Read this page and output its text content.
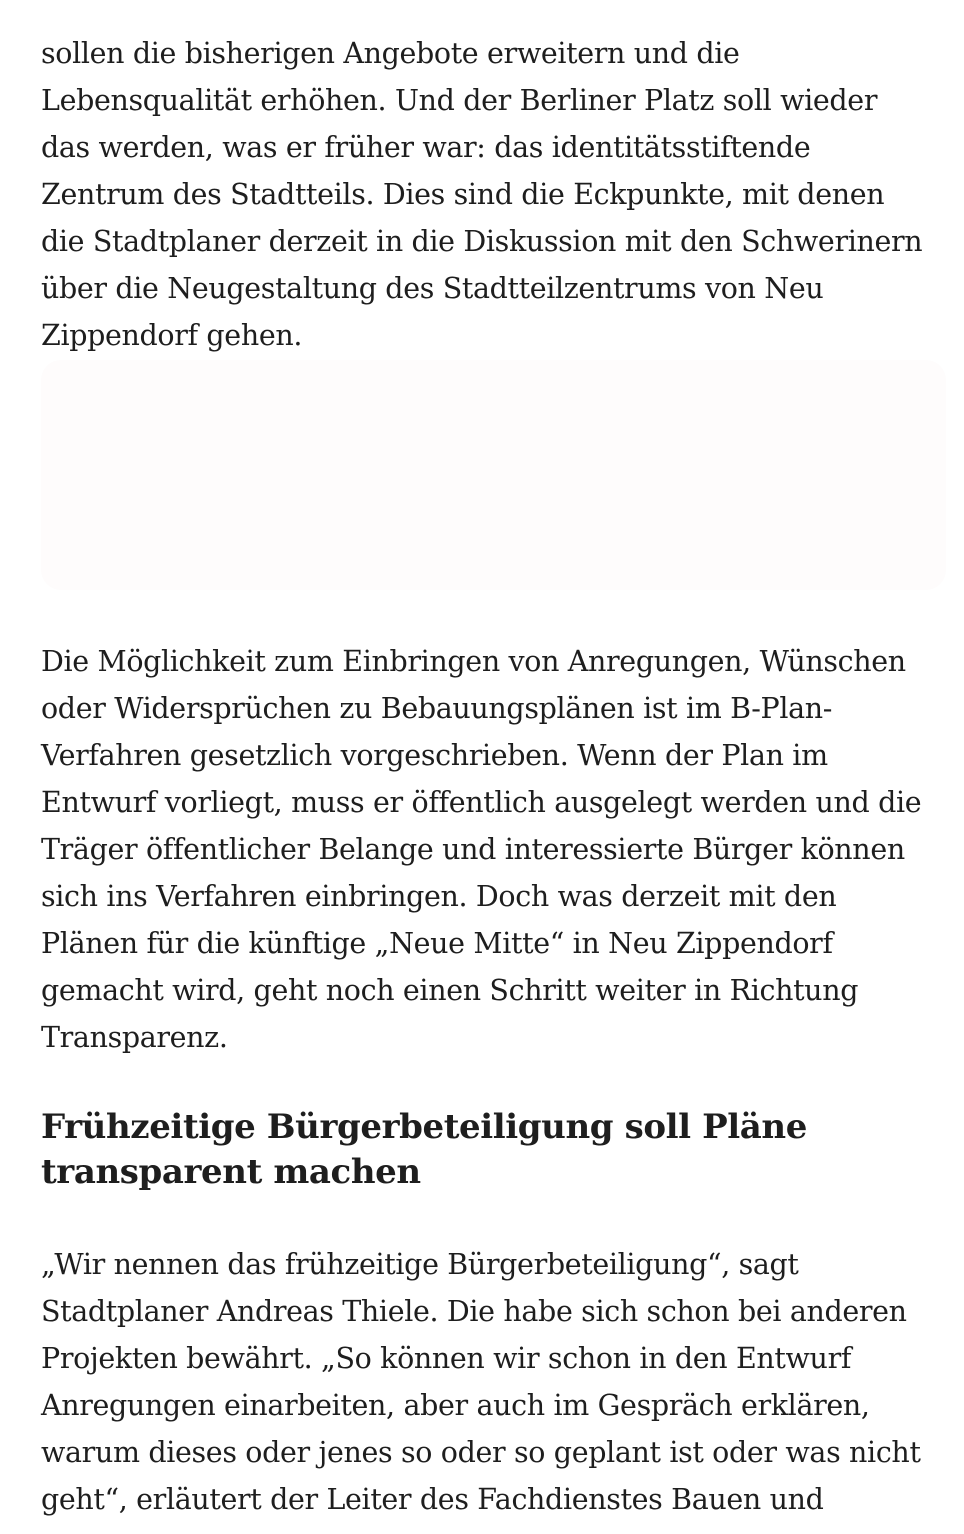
sollen die bisherigen Angebote erweitern und die Lebensqualität erhöhen. Und der Berliner Platz soll wieder das werden, was er früher war: das identitätsstiftende Zentrum des Stadtteils. Dies sind die Eckpunkte, mit denen die Stadtplaner derzeit in die Diskussion mit den Schwerinern über die Neugestaltung des Stadtteilzentrums von Neu Zippendorf gehen.

Die Möglichkeit zum Einbringen von Anregungen, Wünschen oder Widersprüchen zu Bebauungsplänen ist im B-Plan-Verfahren gesetzlich vorgeschrieben. Wenn der Plan im Entwurf vorliegt, muss er öffentlich ausgelegt werden und die Träger öffentlicher Belange und interessierte Bürger können sich ins Verfahren einbringen. Doch was derzeit mit den Plänen für die künftige „Neue Mitte“ in Neu Zippendorf gemacht wird, geht noch einen Schritt weiter in Richtung Transparenz.

Frühzeitige Bürgerbeteiligung soll Pläne transparent machen

„Wir nennen das frühzeitige Bürgerbeteiligung“, sagt Stadtplaner Andreas Thiele. Die habe sich schon bei anderen Projekten bewährt. „So können wir schon in den Entwurf Anregungen einarbeiten, aber auch im Gespräch erklären, warum dieses oder jenes so oder so geplant ist oder was nicht geht“, erläutert der Leiter des Fachdienstes Bauen und
